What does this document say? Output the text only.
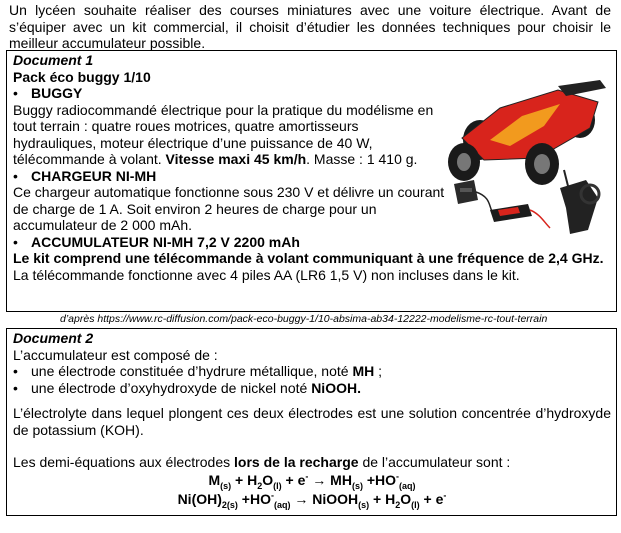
Un lycéen souhaite réaliser des courses miniatures avec une voiture électrique. Avant de s’équiper avec un kit commercial, il choisit d’étudier les données techniques pour choisir le meilleur accumulateur possible.

Document 1
Pack éco buggy 1/10
• BUGGY

Buggy radiocommandé électrique pour la pratique du modélisme en tout terrain : quatre roues motrices, quatre amortisseurs hydrauliques, moteur électrique d’une puissance de 40 W, télécommande à volant. Vitesse maxi 45 km/h. Masse : 1 410 g.

• CHARGEUR NI-MH

Ce chargeur automatique fonctionne sous 230 V et délivre un courant de charge de 1 A. Soit environ 2 heures de charge pour un accumulateur de 2 000 mAh.

• ACCUMULATEUR NI-MH 7,2 V 2200 mAh

Le kit comprend une télécommande à volant communiquant à une fréquence de 2,4 GHz.

La télécommande fonctionne avec 4 piles AA (LR6 1,5 V) non incluses dans le kit.

d’après https://www.rc-diffusion.com/pack-eco-buggy-1/10-absima-ab34-12222-modelisme-rc-tout-terrain
Document 2

L’accumulateur est composé de :

• une électrode constituée d’hydrure métallique, noté MH ;
• une électrode d’oxyhydroxyde de nickel noté NiOOH.

L’électrolyte dans lequel plongent ces deux électrodes est une solution concentrée d’hydroxyde de potassium (KOH).

Les demi-équations aux électrodes lors de la recharge de l’accumulateur sont :

$M_{(s)} + H_2O_{(l)} + e^- \to MH_{(s)} +HO^-_{(aq)}$
$Ni(OH)_{2(s)} +HO^-_{(aq)}$ → NiOOH$_{(s)}$ + $H_2O_{(l)} + e^-$
